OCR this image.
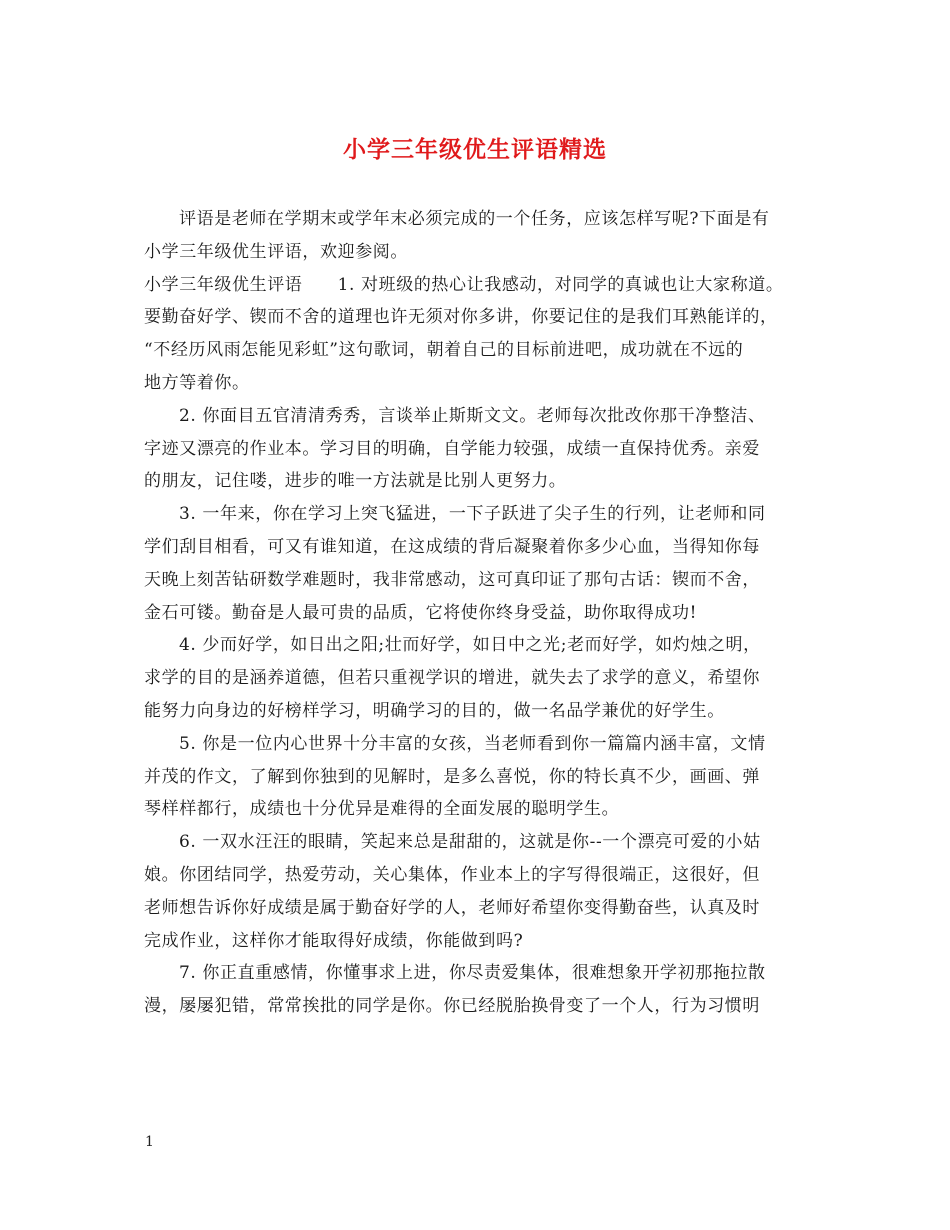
小学三年级优生评语精选
评语是老师在学期末或学年末必须完成的一个任务，应该怎样写呢?下面是有
小学三年级优生评语，欢迎参阅。
小学三年级优生评语　　1. 对班级的热心让我感动，对同学的真诚也让大家称道。
要勤奋好学、锲而不舍的道理也许无须对你多讲，你要记住的是我们耳熟能详的，
“不经历风雨怎能见彩虹”这句歌词，朝着自己的目标前进吧，成功就在不远的
地方等着你。
2. 你面目五官清清秀秀，言谈举止斯斯文文。老师每次批改你那干净整洁、
字迹又漂亮的作业本。学习目的明确，自学能力较强，成绩一直保持优秀。亲爱
的朋友，记住喽，进步的唯一方法就是比别人更努力。
3. 一年来，你在学习上突飞猛进，一下子跃进了尖子生的行列，让老师和同
学们刮目相看，可又有谁知道，在这成绩的背后凝聚着你多少心血，当得知你每
天晚上刻苦钻研数学难题时，我非常感动，这可真印证了那句古话：锲而不舍，
金石可镂。勤奋是人最可贵的品质，它将使你终身受益，助你取得成功!
4. 少而好学，如日出之阳;壮而好学，如日中之光;老而好学，如灼烛之明，
求学的目的是涵养道德，但若只重视学识的增进，就失去了求学的意义，希望你
能努力向身边的好榜样学习，明确学习的目的，做一名品学兼优的好学生。
5. 你是一位内心世界十分丰富的女孩，当老师看到你一篇篇内涵丰富，文情
并茂的作文，了解到你独到的见解时，是多么喜悦，你的特长真不少，画画、弹
琴样样都行，成绩也十分优异是难得的全面发展的聪明学生。
6. 一双水汪汪的眼睛，笑起来总是甜甜的，这就是你--一个漂亮可爱的小姑
娘。你团结同学，热爱劳动，关心集体，作业本上的字写得很端正，这很好，但
老师想告诉你好成绩是属于勤奋好学的人，老师好希望你变得勤奋些，认真及时
完成作业，这样你才能取得好成绩，你能做到吗?
7. 你正直重感情，你懂事求上进，你尽责爱集体，很难想象开学初那拖拉散
漫，屡屡犯错，常常挨批的同学是你。你已经脱胎换骨变了一个人，行为习惯明
1
